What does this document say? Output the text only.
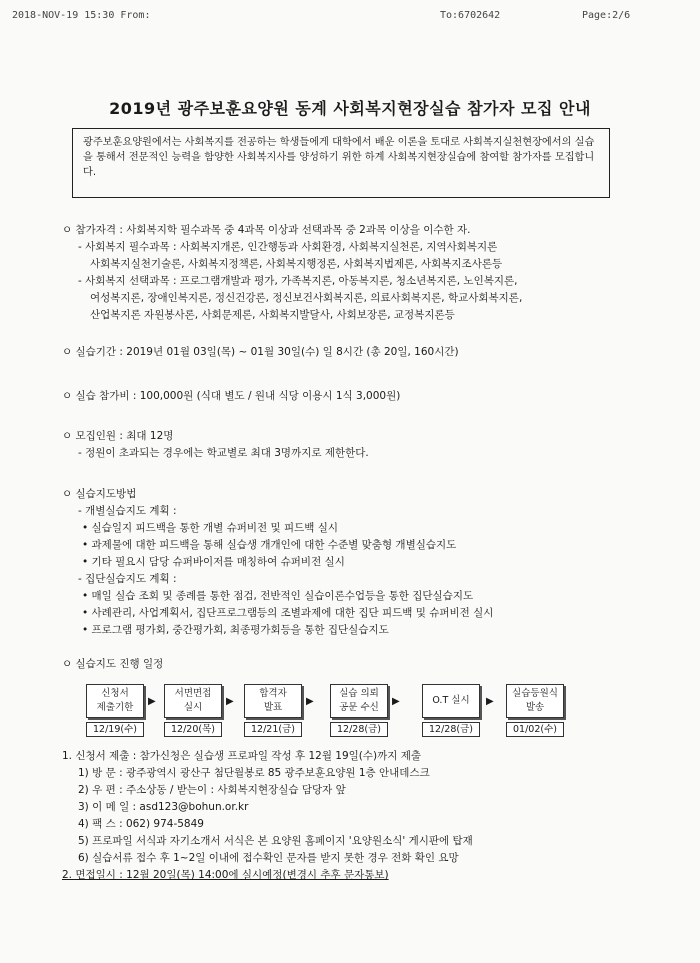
2018-NOV-19 15:30 From:	To:6702642	Page:2/6
2019년 광주보훈요양원 동계 사회복지현장실습 참가자 모집 안내
광주보훈요양원에서는 사회복지를 전공하는 학생들에게 대학에서 배운 이론을 토대로 사회복지실천현장에서의 실습을 통해서 전문적인 능력을 함양한 사회복지사를 양성하기 위한 하계 사회복지현장실습에 참여할 참가자를 모집합니다.
ㅇ 참가자격 : 사회복지학 필수과목 중 4과목 이상과 선택과목 중 2과목 이상을 이수한 자.
- 사회복지 필수과목 : 사회복지개론, 인간행동과 사회환경, 사회복지실천론, 지역사회복지론
사회복지실천기술론, 사회복지정책론, 사회복지행정론, 사회복지법제론, 사회복지조사론등
- 사회복지 선택과목 : 프로그램개발과 평가, 가족복지론, 아동복지론, 청소년복지론, 노인복지론,
여성복지론, 장애인복지론, 정신건강론, 정신보건사회복지론, 의료사회복지론, 학교사회복지론,
산업복지론 자원봉사론, 사회문제론, 사회복지발달사, 사회보장론, 교정복지론등
ㅇ 실습기간 : 2019년 01월 03일(목) ~ 01월 30일(수) 일 8시간 (총 20일, 160시간)
ㅇ 실습 참가비 : 100,000원 (식대 별도 / 원내 식당 이용시 1식 3,000원)
ㅇ 모집인원 : 최대 12명
- 정원이 초과되는 경우에는 학교별로 최대 3명까지로 제한한다.
ㅇ 실습지도방법
- 개별실습지도 계획 :
• 실습일지 피드백을 통한 개별 슈퍼비전 및 피드백 실시
• 과제물에 대한 피드백을 통해 실습생 개개인에 대한 수준별 맞춤형 개별실습지도
• 기타 필요시 담당 슈퍼바이저를 매칭하여 슈퍼비전 실시
- 집단실습지도 계획 :
• 매일 실습 조회 및 종례를 통한 점검, 전반적인 실습이론수업등을 통한 집단실습지도
• 사례관리, 사업계획서, 집단프로그램등의 조별과제에 대한 집단 피드백 및 슈퍼비전 실시
• 프로그램 평가회, 중간평가회, 최종평가회등을 통한 집단실습지도
ㅇ 실습지도 진행 일정
신청서
제출기한
12/19(수)
▶
서면면접
실시
12/20(목)
▶
합격자
발표
12/21(금)
▶
실습 의뢰
공문 수신
12/28(금)
▶	O.T 실시
12/28(금)
▶
실습등원식
발송
01/02(수)
1. 신청서 제출 : 참가신청은 실습생 프로파일 작성 후 12월 19일(수)까지 제출
1) 방 문 : 광주광역시 광산구 첨단월봉로 85 광주보훈요양원 1층 안내데스크
2) 우 편 : 주소상동 / 받는이 : 사회복지현장실습 담당자 앞
3) 이 메 일 : asd123@bohun.or.kr
4) 팩 스 : 062) 974-5849
5) 프로파일 서식과 자기소개서 서식은 본 요양원 홈페이지 '요양원소식' 게시판에 탑재
6) 실습서류 접수 후 1~2일 이내에 접수확인 문자를 받지 못한 경우 전화 확인 요망
2. 면접일시 : 12월 20일(목) 14:00에 실시예정(변경시 추후 문자통보)
